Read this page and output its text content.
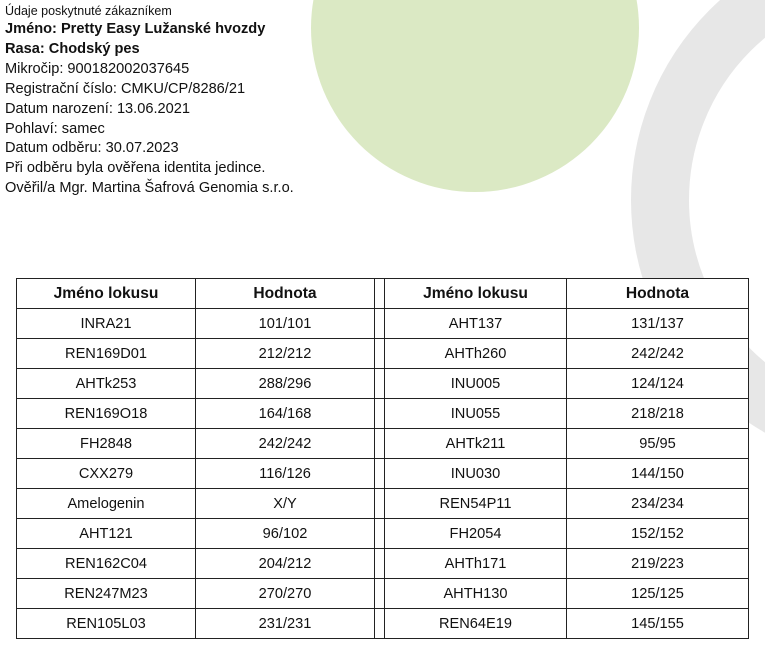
Údaje poskytnuté zákazníkem
Jméno: Pretty Easy Lužanské hvozdy
Rasa: Chodský pes
Mikročip: 900182002037645
Registrační číslo: CMKU/CP/8286/21
Datum narození: 13.06.2021
Pohlaví: samec
Datum odběru: 30.07.2023
Při odběru byla ověřena identita jedince.
Ověřil/a Mgr. Martina Šafrová Genomia s.r.o.
Jméno lokusu	Hodnota		Jméno lokusu	Hodnota
INRA21	101/101		AHT137	131/137
REN169D01	212/212		AHTh260	242/242
AHTk253	288/296		INU005	124/124
REN169O18	164/168		INU055	218/218
FH2848	242/242		AHTk211	95/95
CXX279	116/126		INU030	144/150
Amelogenin	X/Y		REN54P11	234/234
AHT121	96/102		FH2054	152/152
REN162C04	204/212		AHTh171	219/223
REN247M23	270/270		AHTH130	125/125
REN105L03	231/231		REN64E19	145/155
